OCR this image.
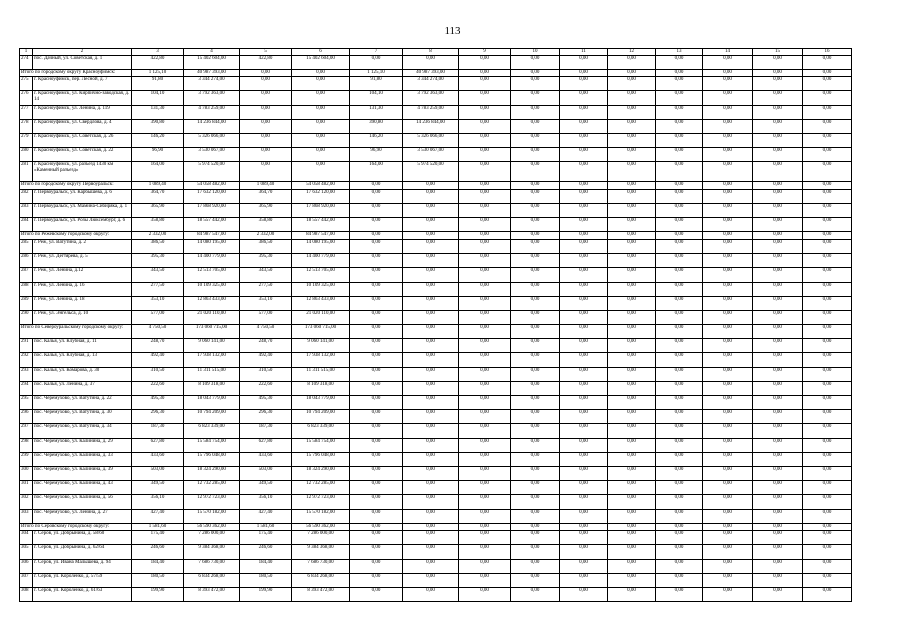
113
1	2	3	4	5	6	7	8	9	10	11	12	13	14	15	16
274	пос. Дачный, ул. Советская, д. 1	422,80	15 402 604,00	422,80	15 402 604,00	0,00	0,00	0,00	0,00	0,00	0,00	0,00	0,00	0,00	0,00
Итого по городскому округу Красноуфимск:		1 125,10	40 987 393,00	0,00	0,00	1 125,10	40 987 393,00	0,00	0,00	0,00	0,00	0,00	0,00	0,00	0,00
275	г. Красноуфимск, пер. Лесной, д. 7	91,80	3 344 274,00	0,00	0,00	91,80	3 344 274,00	0,00	0,00	0,00	0,00	0,00	0,00	0,00	0,00
276	г. Красноуфимск, ул. Кирпично-заводская, д. 14	104,10	3 792 363,00	0,00	0,00	104,10	3 792 363,00	0,00	0,00	0,00	0,00	0,00	0,00	0,00	0,00
277	г. Красноуфимск, ул. Ленина, д. 119	131,30	4 783 259,00	0,00	0,00	131,30	4 783 259,00	0,00	0,00	0,00	0,00	0,00	0,00	0,00	0,00
278	г. Красноуфимск, ул. Свердлова, д. 4	390,80	14 236 844,00	0,00	0,00	390,80	14 236 844,00	0,00	0,00	0,00	0,00	0,00	0,00	0,00	0,00
279	г. Красноуфимск, ул. Советская, д. 26	146,20	5 326 066,00	0,00	0,00	146,20	5 326 066,00	0,00	0,00	0,00	0,00	0,00	0,00	0,00	0,00
280	г. Красноуфимск, ул. Советская, д. 22	96,90	3 530 067,00	0,00	0,00	96,90	3 530 067,00	0,00	0,00	0,00	0,00	0,00	0,00	0,00	0,00
281	г. Красноуфимск, ул. разъезд 1430 км «Каменный разъезд»	164,00	5 974 520,00	0,00	0,00	164,00	5 974 520,00	0,00	0,00	0,00	0,00	0,00	0,00	0,00	0,00
Итого по городскому округу Первоуральск:		1 089,40	54 058 482,00	1 089,40	54 058 482,00	0,00	0,00	0,00	0,00	0,00	0,00	0,00	0,00	0,00	0,00
282	г. Первоуральск, ул. Карбышева, д. 6	364,70	17 632 120,00	364,70	17 632 120,00	0,00	0,00	0,00	0,00	0,00	0,00	0,00	0,00	0,00	0,00
283	г. Первоуральск, ул. Мамина-Сибиряка, д. 1	365,90	17 868 920,00	365,90	17 868 920,00	0,00	0,00	0,00	0,00	0,00	0,00	0,00	0,00	0,00	0,00
284	г. Первоуральск, ул. Розы Люксембург, д. 6	358,80	18 557 442,00	358,80	18 557 442,00	0,00	0,00	0,00	0,00	0,00	0,00	0,00	0,00	0,00	0,00
Итого по Режевскому городскому округу:		2 332,00	84 987 547,00	2 332,00	84 987 547,00	0,00	0,00	0,00	0,00	0,00	0,00	0,00	0,00	0,00	0,00
285	г. Реж, ул. Ватутина, д. 2	386,50	14 080 195,00	386,50	14 080 195,00	0,00	0,00	0,00	0,00	0,00	0,00	0,00	0,00	0,00	0,00
286	г. Реж, ул. Дегтярева, д. 5	395,30	14 400 779,00	395,30	14 400 779,00	0,00	0,00	0,00	0,00	0,00	0,00	0,00	0,00	0,00	0,00
287	г. Реж, ул. Ленина, д.12	343,50	12 513 705,00	343,50	12 513 705,00	0,00	0,00	0,00	0,00	0,00	0,00	0,00	0,00	0,00	0,00
288	г. Реж, ул. Ленина, д. 16	277,50	10 109 325,00	277,50	10 109 325,00	0,00	0,00	0,00	0,00	0,00	0,00	0,00	0,00	0,00	0,00
289	г. Реж, ул. Ленина, д. 18	353,10	12 863 433,00	353,10	12 863 433,00	0,00	0,00	0,00	0,00	0,00	0,00	0,00	0,00	0,00	0,00
290	г. Реж, ул. Энгельса, д. 10	577,00	21 020 110,00	577,00	21 020 110,00	0,00	0,00	0,00	0,00	0,00	0,00	0,00	0,00	0,00	0,00
Итого по Североуральскому городскому округу:		4 750,50	173 060 715,00	4 750,50	173 060 715,00	0,00	0,00	0,00	0,00	0,00	0,00	0,00	0,00	0,00	0,00
291	пос. Калья, ул. Клубная, д. 11	248,70	9 060 141,00	248,70	9 060 141,00	0,00	0,00	0,00	0,00	0,00	0,00	0,00	0,00	0,00	0,00
292	пос. Калья, ул. Клубная, д. 13	492,40	17 938 132,00	492,40	17 938 132,00	0,00	0,00	0,00	0,00	0,00	0,00	0,00	0,00	0,00	0,00
293	пос. Калья, ул. Комарова, д. 30	310,50	11 311 515,00	310,50	11 311 515,00	0,00	0,00	0,00	0,00	0,00	0,00	0,00	0,00	0,00	0,00
294	пос. Калья, ул. Ленина, д. 37	222,60	8 109 318,00	222,60	8 109 318,00	0,00	0,00	0,00	0,00	0,00	0,00	0,00	0,00	0,00	0,00
295	пос. Черемухово, ул. Ватутина, д. 22	495,30	18 043 779,00	495,30	18 043 779,00	0,00	0,00	0,00	0,00	0,00	0,00	0,00	0,00	0,00	0,00
296	пос. Черемухово, ул. Ватутина, д. 30	296,30	10 794 209,00	296,30	10 794 209,00	0,00	0,00	0,00	0,00	0,00	0,00	0,00	0,00	0,00	0,00
297	пос. Черемухово, ул. Ватутина, д. 34	187,30	6 823 339,00	187,30	6 823 339,00	0,00	0,00	0,00	0,00	0,00	0,00	0,00	0,00	0,00	0,00
298	пос. Черемухово, ул. Калинина, д. 29	627,80	15 584 754,00	627,80	15 584 754,00	0,00	0,00	0,00	0,00	0,00	0,00	0,00	0,00	0,00	0,00
299	пос. Черемухово, ул. Калинина, д. 33	433,60	15 796 048,00	433,60	15 796 048,00	0,00	0,00	0,00	0,00	0,00	0,00	0,00	0,00	0,00	0,00
300	пос. Черемухово, ул. Калинина, д. 39	503,00	18 324 290,00	503,00	18 324 290,00	0,00	0,00	0,00	0,00	0,00	0,00	0,00	0,00	0,00	0,00
301	пос. Черемухово, ул. Калинина, д. 43	349,50	12 732 285,00	349,50	12 732 285,00	0,00	0,00	0,00	0,00	0,00	0,00	0,00	0,00	0,00	0,00
302	пос. Черемухово, ул. Калинина, д. 56	356,10	12 972 723,00	356,10	12 972 723,00	0,00	0,00	0,00	0,00	0,00	0,00	0,00	0,00	0,00	0,00
303	пос. Черемухово, ул. Ленина, д. 27	427,40	15 570 182,00	427,40	15 570 182,00	0,00	0,00	0,00	0,00	0,00	0,00	0,00	0,00	0,00	0,00
Итого по Серовскому городскому округу:		1 581,60	56 590 362,00	1 581,60	56 590 362,00	0,00	0,00	0,00	0,00	0,00	0,00	0,00	0,00	0,00	0,00
304	г. Серов, ул. Добрынина, д. 58/60	175,40	7 286 000,00	175,40	7 286 000,00	0,00	0,00	0,00	0,00	0,00	0,00	0,00	0,00	0,00	0,00
305	г. Серов, ул. Добрынина, д. 62/64	246,60	9 384 368,00	246,60	9 384 368,00	0,00	0,00	0,00	0,00	0,00	0,00	0,00	0,00	0,00	0,00
306	г. Серов, ул. Ивана Малышева, д. 94	184,40	7 686 730,00	184,40	7 686 730,00	0,00	0,00	0,00	0,00	0,00	0,00	0,00	0,00	0,00	0,00
307	г. Серов, ул. Короленко, д. 57/59	180,50	6 834 268,00	180,50	6 834 268,00	0,00	0,00	0,00	0,00	0,00	0,00	0,00	0,00	0,00	0,00
308	г. Серов, ул. Короленко, д. 61/63	199,90	8 393 472,00	199,90	8 393 472,00	0,00	0,00	0,00	0,00	0,00	0,00	0,00	0,00	0,00	0,00
